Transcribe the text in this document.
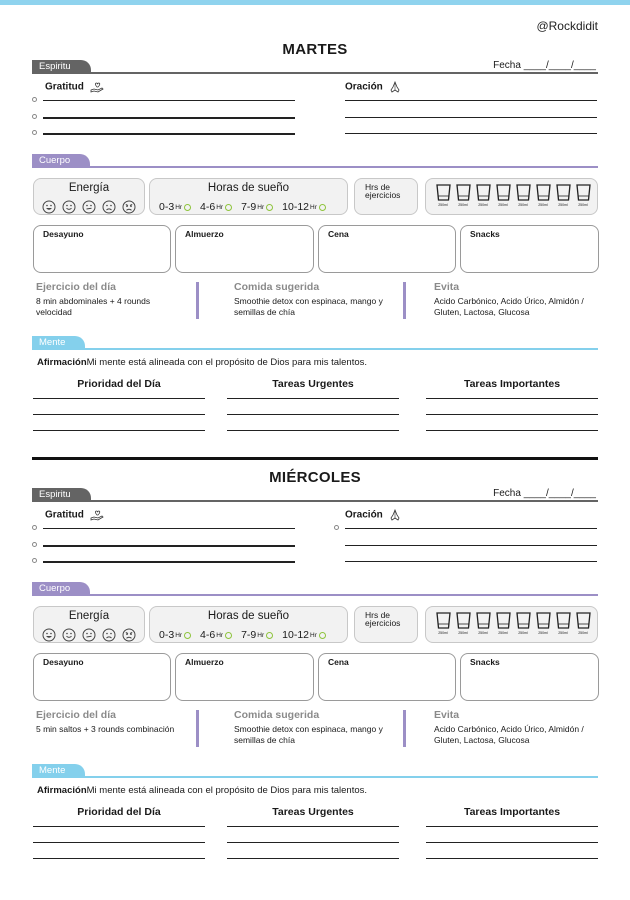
@Rockdidit
MARTES
Espiritu	Fecha ____/____/____
Gratitud	Oración
Cuerpo
Energía	Horas de sueño
0-3 Hr 4-6 Hr 7-9 Hr 10-12 Hr
Hrs de ejercicios
250ml	250ml	250ml	250ml	250ml	250ml	250ml	250ml
Desayuno	Almuerzo	Cena	Snacks
Ejercicio del día
8 min abdominales + 4 rounds velocidad
Comida sugerida
Smoothie detox con espinaca, mango y semillas de chía
Evita
Acido Carbónico, Acido Úrico, Almidón / Gluten, Lactosa, Glucosa
Mente
AfirmaciónMi mente está alineada con el propósito de Dios para mis talentos.
Prioridad del Día	Tareas Urgentes	Tareas Importantes
MIÉRCOLES
Espiritu	Fecha ____/____/____
Gratitud	Oración
Cuerpo
Energía	Horas de sueño
0-3 Hr 4-6 Hr 7-9 Hr 10-12 Hr
Hrs de ejercicios
250ml	250ml	250ml	250ml	250ml	250ml	250ml	250ml
Desayuno	Almuerzo	Cena	Snacks
Ejercicio del día
5 min saltos + 3 rounds combinación
Comida sugerida
Smoothie detox con espinaca, mango y semillas de chía
Evita
Acido Carbónico, Acido Úrico, Almidón / Gluten, Lactosa, Glucosa
Mente
AfirmaciónMi mente está alineada con el propósito de Dios para mis talentos.
Prioridad del Día	Tareas Urgentes	Tareas Importantes
